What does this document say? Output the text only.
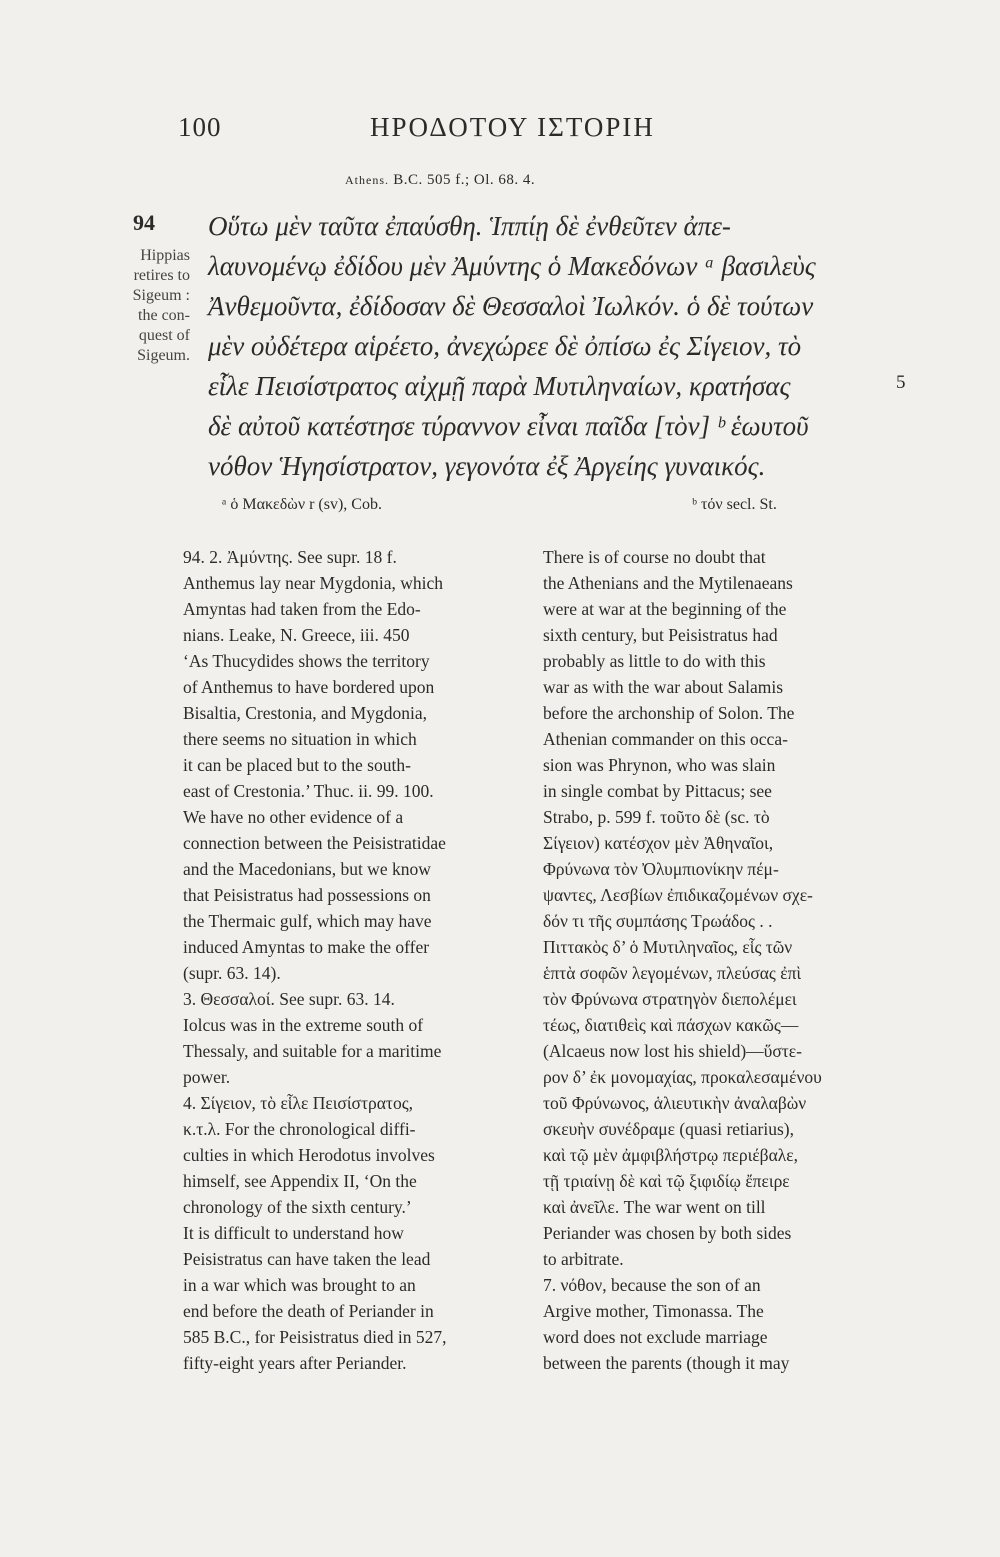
100	ΗΡΟΔΟΤΟΥ ΙΣΤΟΡΙΗ
Athens. B.C. 505 f.; Ol. 68. 4.
94
Hippias
retires to
Sigeum :
the con-
quest of
Sigeum.
Οὕτω μὲν ταῦτα ἐπαύσθη. Ἱππίῃ δὲ ἐνθεῦτεν ἀπε-
λαυνομένῳ ἐδίδου μὲν Ἀμύντης ὁ Μακεδόνων ᵃ βασιλεὺς
Ἀνθεμοῦντα, ἐδίδοσαν δὲ Θεσσαλοὶ Ἰωλκόν. ὁ δὲ τούτων
μὲν οὐδέτερα αἱρέετο, ἀνεχώρεε δὲ ὀπίσω ἐς Σίγειον, τὸ
εἷλε Πεισίστρατος αἰχμῇ παρὰ Μυτιληναίων, κρατήσας
δὲ αὐτοῦ κατέστησε τύραννον εἶναι παῖδα [τὸν] ᵇ ἑωυτοῦ
νόθον Ἡγησίστρατον, γεγονότα ἐξ Ἀργείης γυναικός.
5
ᵃ ὁ Μακεδὼν r (sv), Cob.	ᵇ τόν secl. St.
94. 2. Ἀμύντης. See supr. 18 f.
Anthemus lay near Mygdonia, which
Amyntas had taken from the Edo-
nians. Leake, N. Greece, iii. 450
‘As Thucydides shows the territory
of Anthemus to have bordered upon
Bisaltia, Crestonia, and Mygdonia,
there seems no situation in which
it can be placed but to the south-
east of Crestonia.’ Thuc. ii. 99. 100.
We have no other evidence of a
connection between the Peisistratidae
and the Macedonians, but we know
that Peisistratus had possessions on
the Thermaic gulf, which may have
induced Amyntas to make the offer
(supr. 63. 14).
3. Θεσσαλοί. See supr. 63. 14.
Iolcus was in the extreme south of
Thessaly, and suitable for a maritime
power.
4. Σίγειον, τὸ εἷλε Πεισίστρατος,
κ.τ.λ. For the chronological diffi-
culties in which Herodotus involves
himself, see Appendix II, ‘On the
chronology of the sixth century.’
It is difficult to understand how
Peisistratus can have taken the lead
in a war which was brought to an
end before the death of Periander in
585 B.C., for Peisistratus died in 527,
fifty-eight years after Periander.
There is of course no doubt that
the Athenians and the Mytilenaeans
were at war at the beginning of the
sixth century, but Peisistratus had
probably as little to do with this
war as with the war about Salamis
before the archonship of Solon. The
Athenian commander on this occa-
sion was Phrynon, who was slain
in single combat by Pittacus; see
Strabo, p. 599 f. τοῦτο δὲ (sc. τὸ
Σίγειον) κατέσχον μὲν Ἀθηναῖοι,
Φρύνωνα τὸν Ὀλυμπιονίκην πέμ-
ψαντες, Λεσβίων ἐπιδικαζομένων σχε-
δόν τι τῆς συμπάσης Τρωάδος . .
Πιττακὸς δ’ ὁ Μυτιληναῖος, εἷς τῶν
ἑπτὰ σοφῶν λεγομένων, πλεύσας ἐπὶ
τὸν Φρύνωνα στρατηγὸν διεπολέμει
τέως, διατιθεὶς καὶ πάσχων κακῶς—
(Alcaeus now lost his shield)—ὕστε-
ρον δ’ ἐκ μονομαχίας, προκαλεσαμένου
τοῦ Φρύνωνος, ἁλιευτικὴν ἀναλαβὼν
σκευὴν συνέδραμε (quasi retiarius),
καὶ τῷ μὲν ἀμφιβλήστρῳ περιέβαλε,
τῇ τριαίνῃ δὲ καὶ τῷ ξιφιδίῳ ἔπειρε
καὶ ἀνεῖλε. The war went on till
Periander was chosen by both sides
to arbitrate.
7. νόθον, because the son of an
Argive mother, Timonassa. The
word does not exclude marriage
between the parents (though it may
